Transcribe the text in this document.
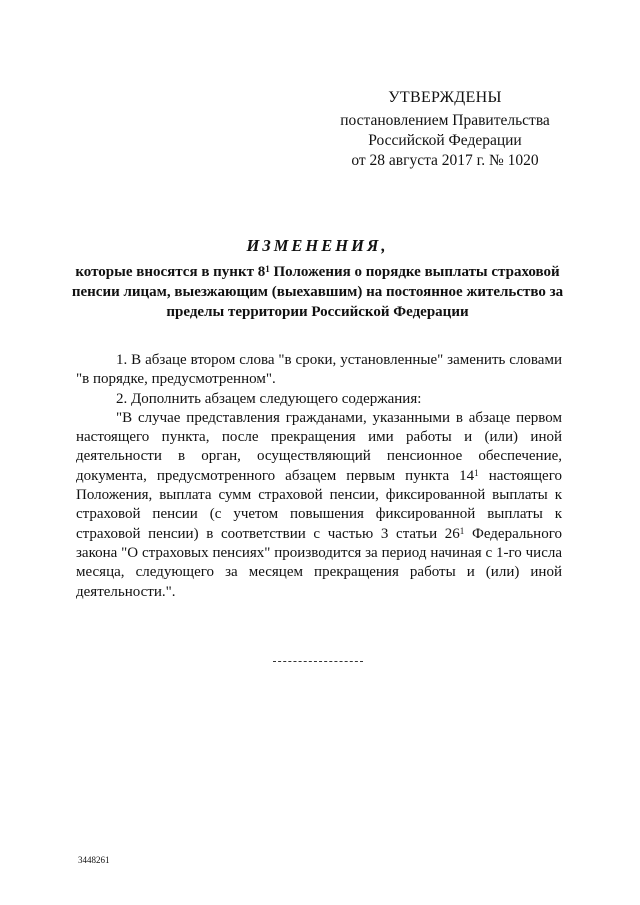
УТВЕРЖДЕНЫ
постановлением Правительства
Российской Федерации
от 28 августа 2017 г. № 1020
ИЗМЕНЕНИЯ,
которые вносятся в пункт $8^1$ Положения о порядке выплаты страховой пенсии лицам, выезжающим (выехавшим) на постоянное жительство за пределы территории Российской Федерации

1. В абзаце втором слова "в сроки, установленные" заменить словами "в порядке, предусмотренном".

2. Дополнить абзацем следующего содержания:

"В случае представления гражданами, указанными в абзаце первом настоящего пункта, после прекращения ими работы и (или) иной деятельности в орган, осуществляющий пенсионное обеспечение, документа, предусмотренного абзацем первым пункта $14^1$ настоящего Положения, выплата сумм страховой пенсии, фиксированной выплаты к страховой пенсии (с учетом повышения фиксированной выплаты к страховой пенсии) в соответствии с частью 3 статьи $26^1$ Федерального закона "О страховых пенсиях" производится за период начиная с 1-го числа месяца, следующего за месяцем прекращения работы и (или) иной деятельности.".

3448261
